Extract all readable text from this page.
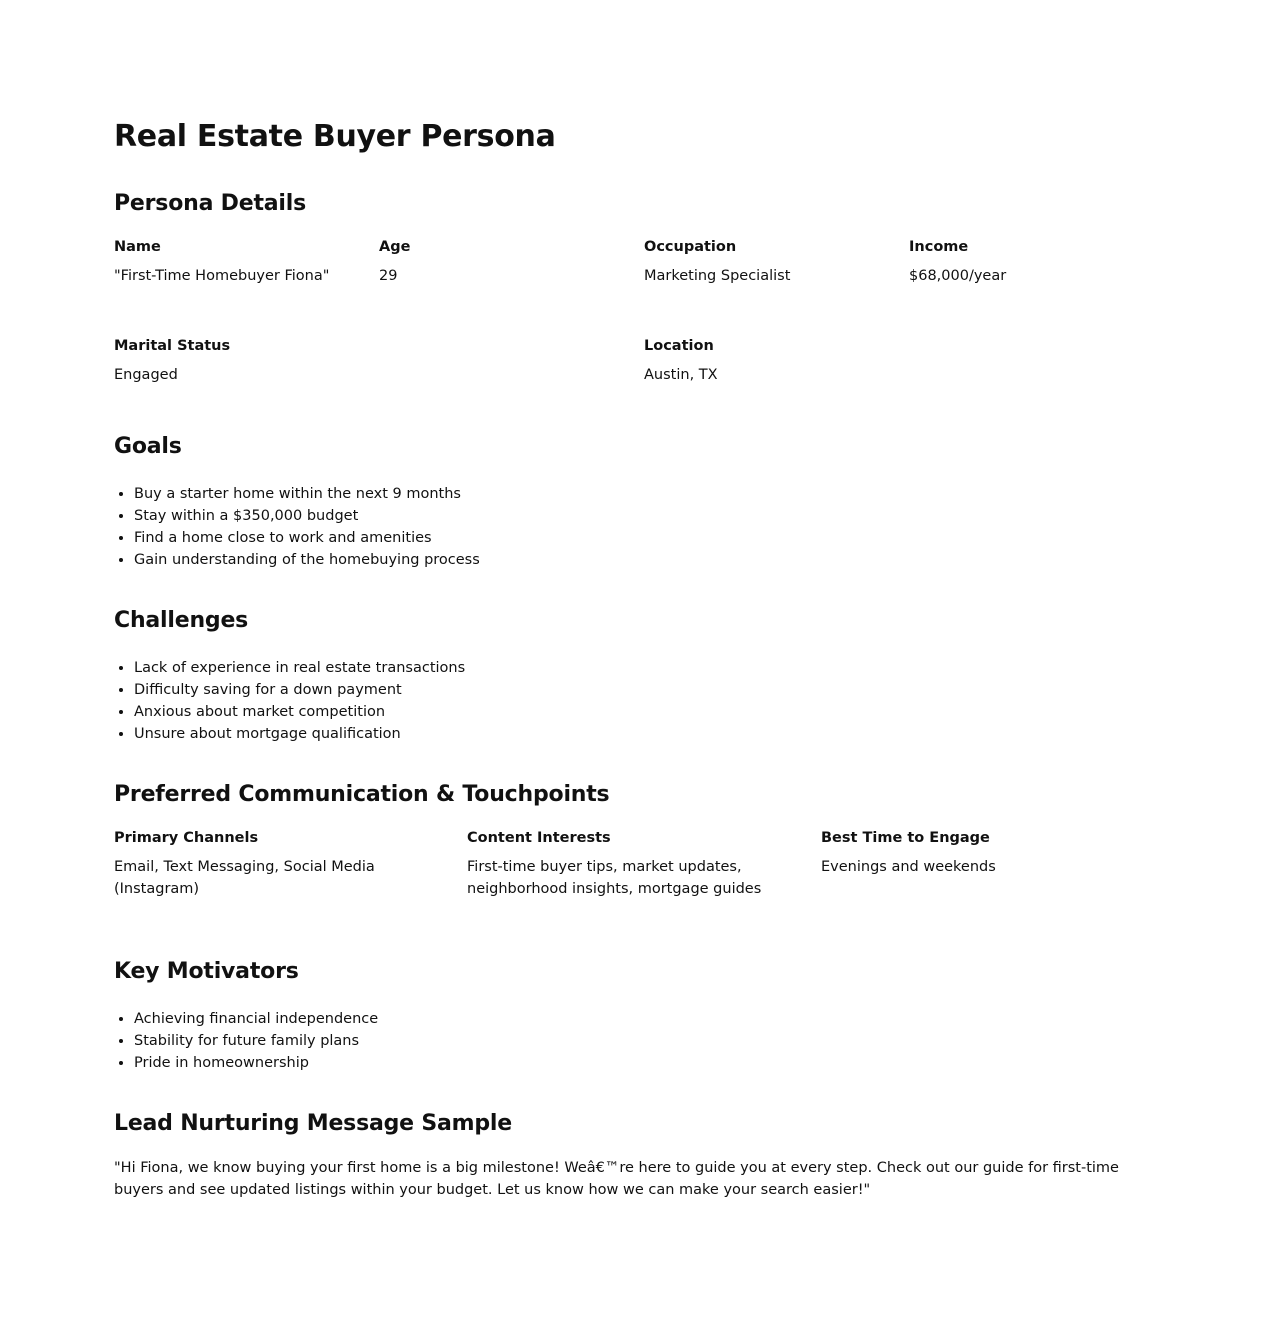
Real Estate Buyer Persona
Persona Details
Name
"First-Time Homebuyer Fiona"
Age
29
Occupation
Marketing Specialist
Income
$68,000/year
Marital Status
Engaged
Location
Austin, TX
Goals
• Buy a starter home within the next 9 months
• Stay within a $350,000 budget
• Find a home close to work and amenities
• Gain understanding of the homebuying process
Challenges
• Lack of experience in real estate transactions
• Difficulty saving for a down payment
• Anxious about market competition
• Unsure about mortgage qualification
Preferred Communication & Touchpoints
Primary Channels
Email, Text Messaging, Social Media (Instagram)
Content Interests
First-time buyer tips, market updates, neighborhood insights, mortgage guides
Best Time to Engage
Evenings and weekends
Key Motivators
• Achieving financial independence
• Stability for future family plans
• Pride in homeownership
Lead Nurturing Message Sample

"Hi Fiona, we know buying your first home is a big milestone! Weâ€™re here to guide you at every step. Check out our guide for first-time buyers and see updated listings within your budget. Let us know how we can make your search easier!"
